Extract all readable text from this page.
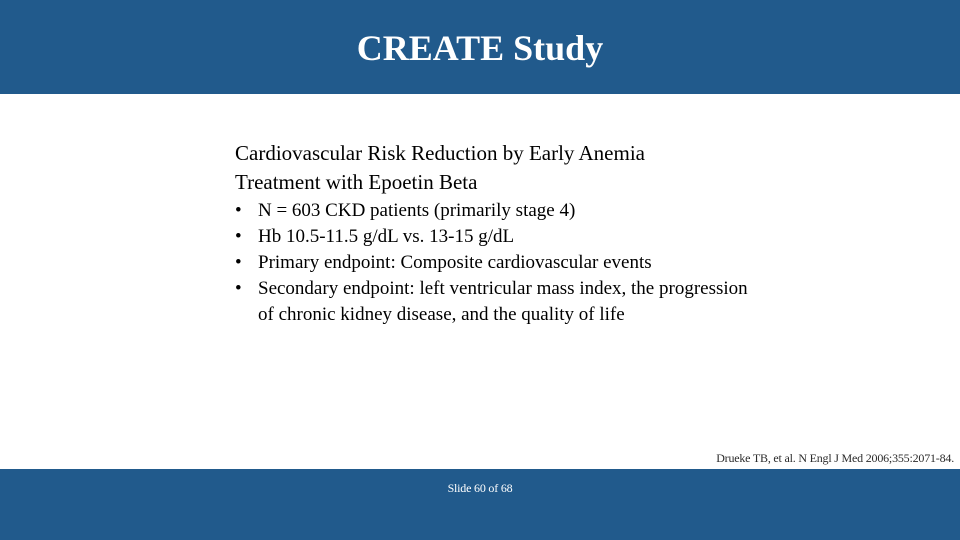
CREATE Study

Cardiovascular Risk Reduction by Early Anemia
Treatment with Epoetin Beta

• N = 603 CKD patients (primarily stage 4)
• Hb 10.5-11.5 g/dL vs. 13-15 g/dL
• Primary endpoint: Composite cardiovascular events
• Secondary endpoint: left ventricular mass index, the progression of chronic kidney disease, and the quality of life
Drueke TB, et al. N Engl J Med 2006;355:2071-84.
Slide 60 of 68
